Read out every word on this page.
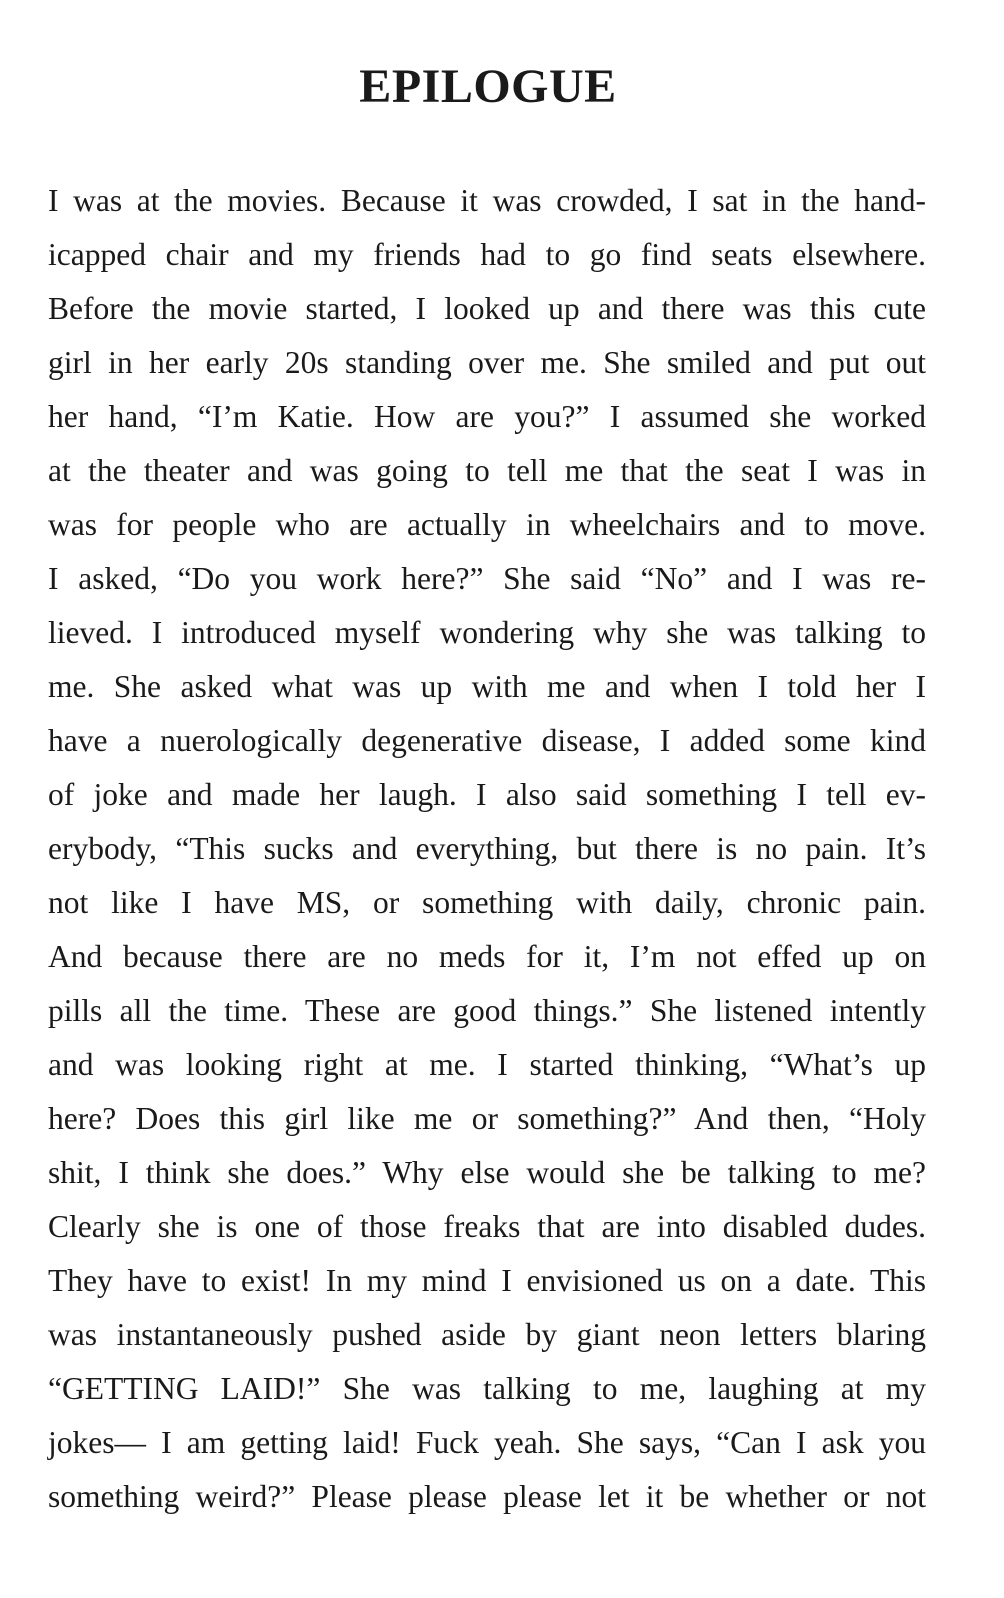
EPILOGUE
I was at the movies. Because it was crowded, I sat in the hand-
icapped chair and my friends had to go find seats elsewhere.
Before the movie started, I looked up and there was this cute
girl in her early 20s standing over me. She smiled and put out
her hand, “I’m Katie. How are you?” I assumed she worked
at the theater and was going to tell me that the seat I was in
was for people who are actually in wheelchairs and to move.
I asked, “Do you work here?” She said “No” and I was re-
lieved. I introduced myself wondering why she was talking to
me. She asked what was up with me and when I told her I
have a nuerologically degenerative disease, I added some kind
of joke and made her laugh. I also said something I tell ev-
erybody, “This sucks and everything, but there is no pain. It’s
not like I have MS, or something with daily, chronic pain.
And because there are no meds for it, I’m not effed up on
pills all the time. These are good things.” She listened intently
and was looking right at me. I started thinking, “What’s up
here? Does this girl like me or something?” And then, “Holy
shit, I think she does.” Why else would she be talking to me?
Clearly she is one of those freaks that are into disabled dudes.
They have to exist! In my mind I envisioned us on a date. This
was instantaneously pushed aside by giant neon letters blaring
“GETTING LAID!” She was talking to me, laughing at my
jokes— I am getting laid! Fuck yeah. She says, “Can I ask you
something weird?” Please please please let it be whether or not
